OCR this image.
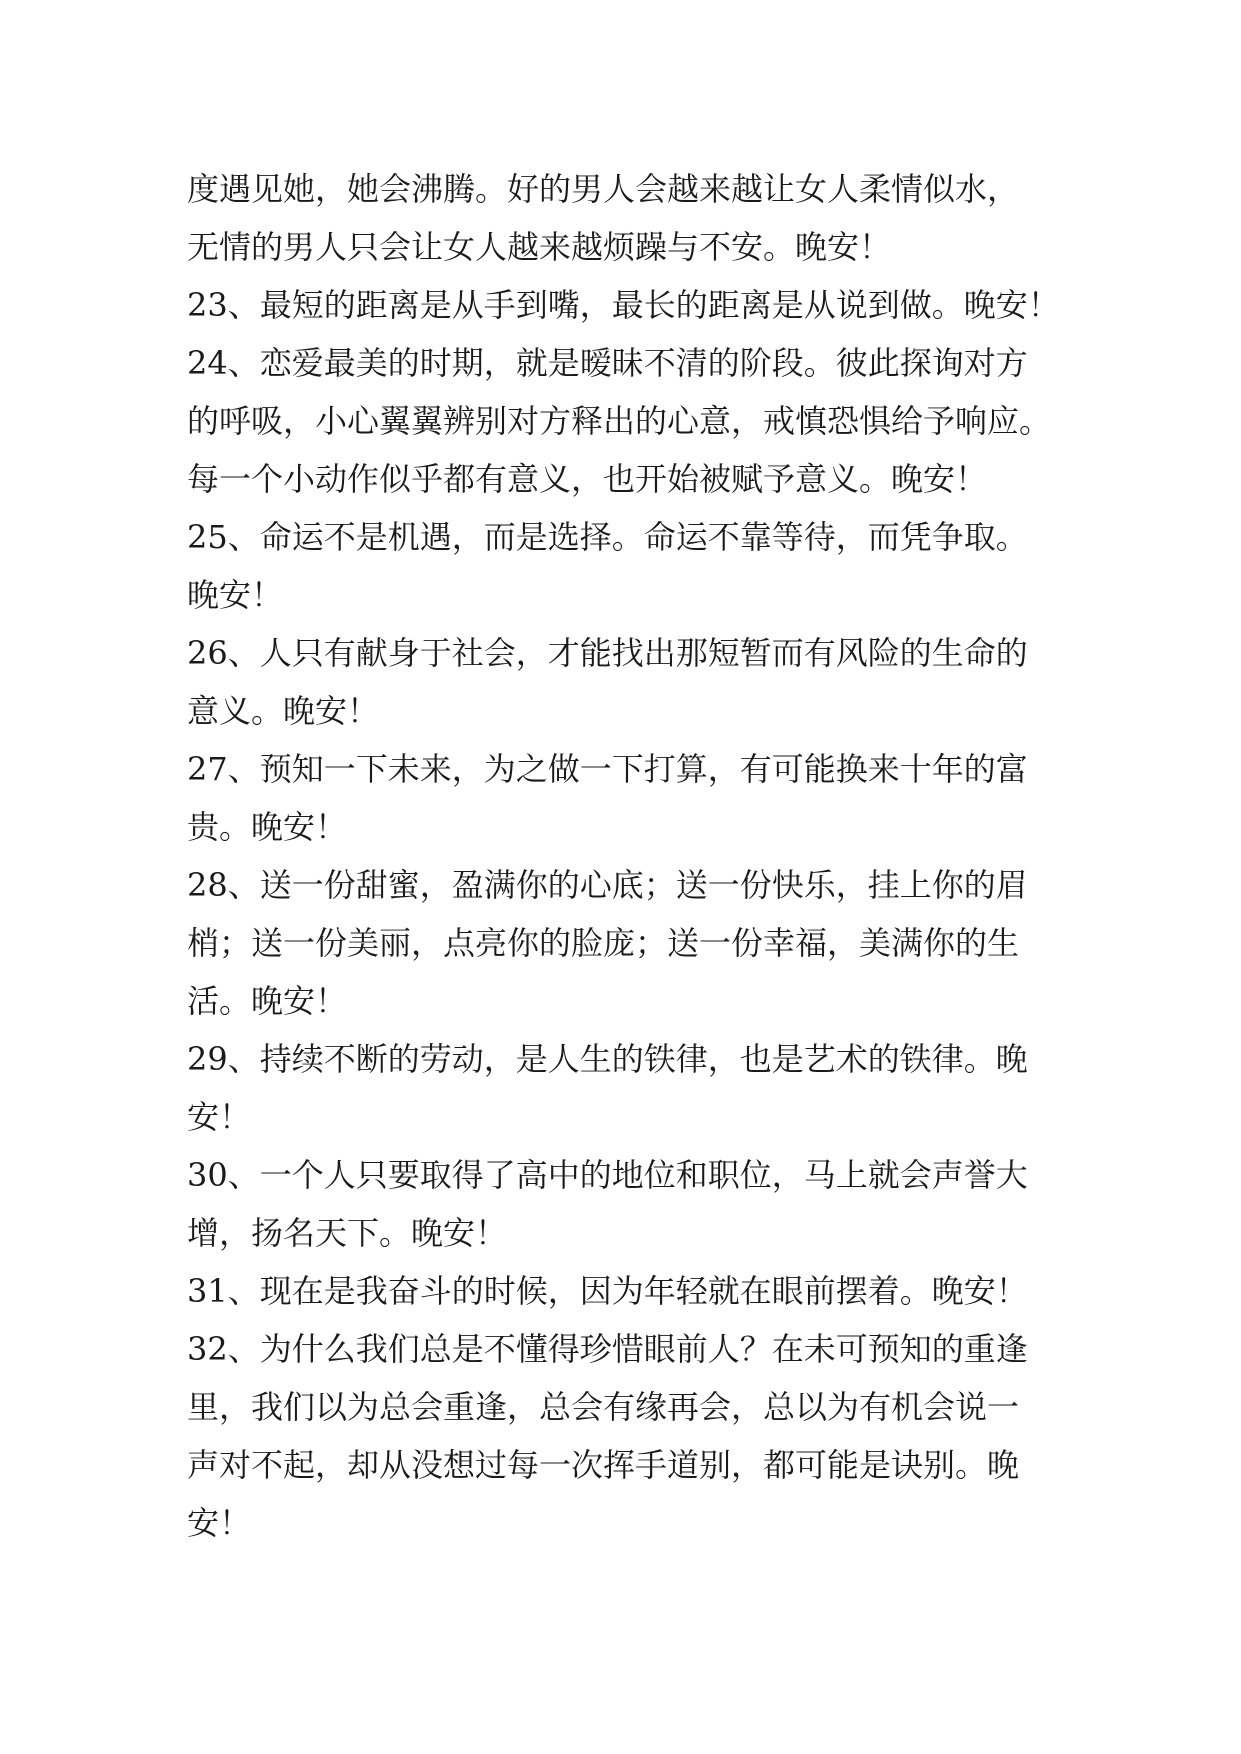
度遇见她，她会沸腾。好的男人会越来越让女人柔情似水，
无情的男人只会让女人越来越烦躁与不安。晚安！
23、最短的距离是从手到嘴，最长的距离是从说到做。晚安！
24、恋爱最美的时期，就是暧昧不清的阶段。彼此探询对方
的呼吸，小心翼翼辨别对方释出的心意，戒慎恐惧给予响应。
每一个小动作似乎都有意义，也开始被赋予意义。晚安！
25、命运不是机遇，而是选择。命运不靠等待，而凭争取。
晚安！
26、人只有献身于社会，才能找出那短暂而有风险的生命的
意义。晚安！
27、预知一下未来，为之做一下打算，有可能换来十年的富
贵。晚安！
28、送一份甜蜜，盈满你的心底；送一份快乐，挂上你的眉
梢；送一份美丽，点亮你的脸庞；送一份幸福，美满你的生
活。晚安！
29、持续不断的劳动，是人生的铁律，也是艺术的铁律。晚
安！
30、一个人只要取得了高中的地位和职位，马上就会声誉大
增，扬名天下。晚安！
31、现在是我奋斗的时候，因为年轻就在眼前摆着。晚安！
32、为什么我们总是不懂得珍惜眼前人？在未可预知的重逢
里，我们以为总会重逢，总会有缘再会，总以为有机会说一
声对不起，却从没想过每一次挥手道别，都可能是诀别。晚
安！
